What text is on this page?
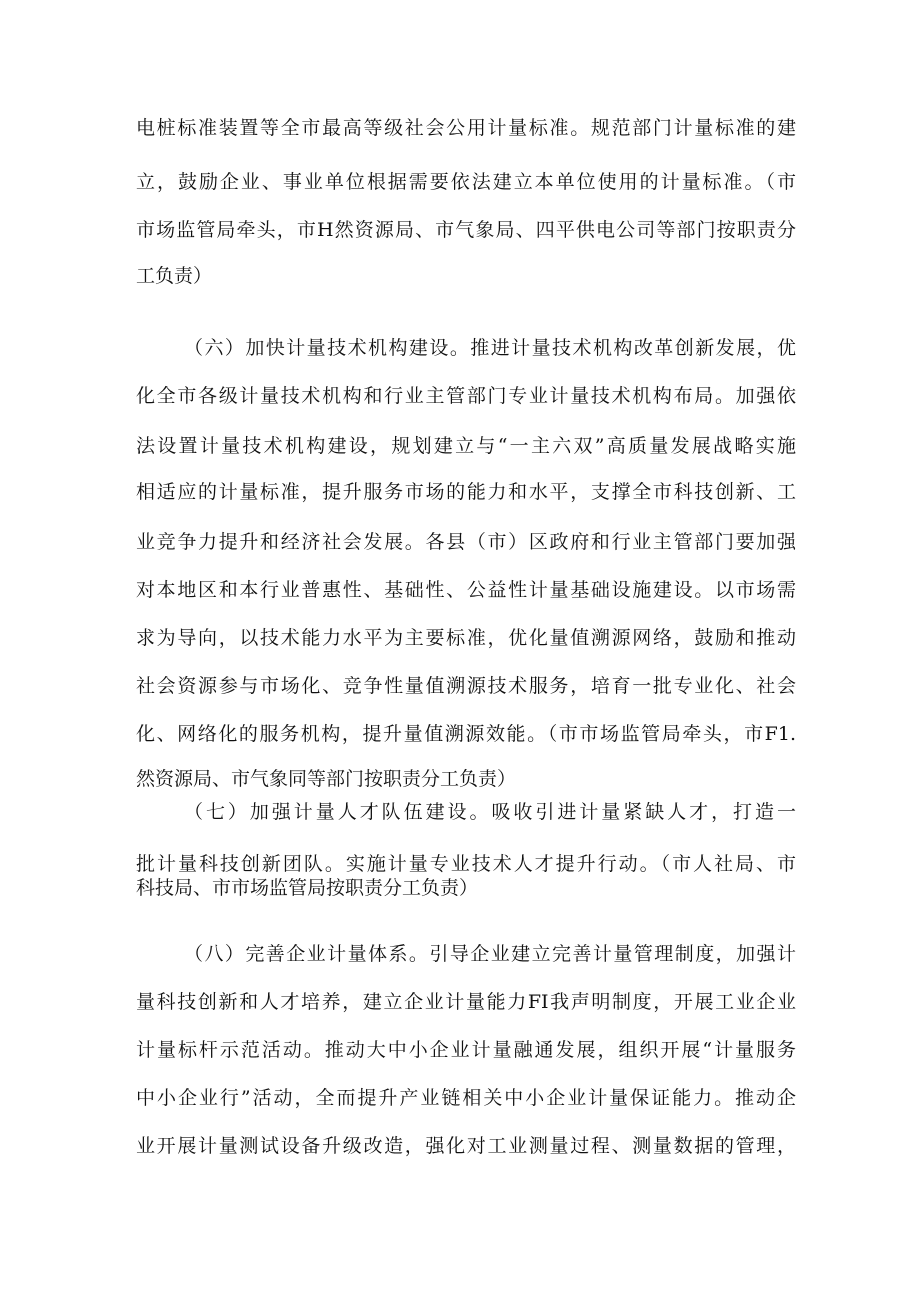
电桩标准装置等全市最高等级社会公用计量标准。规范部门计量标准的建
立，鼓励企业、事业单位根据需要依法建立本单位使用的计量标准。（市
市场监管局牵头，市H然资源局、市气象局、四平供电公司等部门按职责分
工负责）
（六）加快计量技术机构建设。推进计量技术机构改革创新发展，优
化全市各级计量技术机构和行业主管部门专业计量技术机构布局。加强依
法设置计量技术机构建设，规划建立与“一主六双”高质量发展战略实施
相适应的计量标准，提升服务市场的能力和水平，支撑全市科技创新、工
业竞争力提升和经济社会发展。各县（市）区政府和行业主管部门要加强
对本地区和本行业普惠性、基础性、公益性计量基础设施建设。以市场需
求为导向，以技术能力水平为主要标准，优化量值溯源网络，鼓励和推动
社会资源参与市场化、竞争性量值溯源技术服务，培育一批专业化、社会
化、网络化的服务机构，提升量值溯源效能。（市市场监管局牵头，市F1.
然资源局、市气象同等部门按职责分工负责）
（七）加强计量人才队伍建设。吸收引进计量紧缺人才，打造一
批计量科技创新团队。实施计量专业技术人才提升行动。（市人社局、市
科技局、市市场监管局按职责分工负责）
（八）完善企业计量体系。引导企业建立完善计量管理制度，加强计
量科技创新和人才培养，建立企业计量能力FI我声明制度，开展工业企业
计量标杆示范活动。推动大中小企业计量融通发展，组织开展“计量服务
中小企业行”活动，全而提升产业链相关中小企业计量保证能力。推动企
业开展计量测试设备升级改造，强化对工业测量过程、测量数据的管理，
